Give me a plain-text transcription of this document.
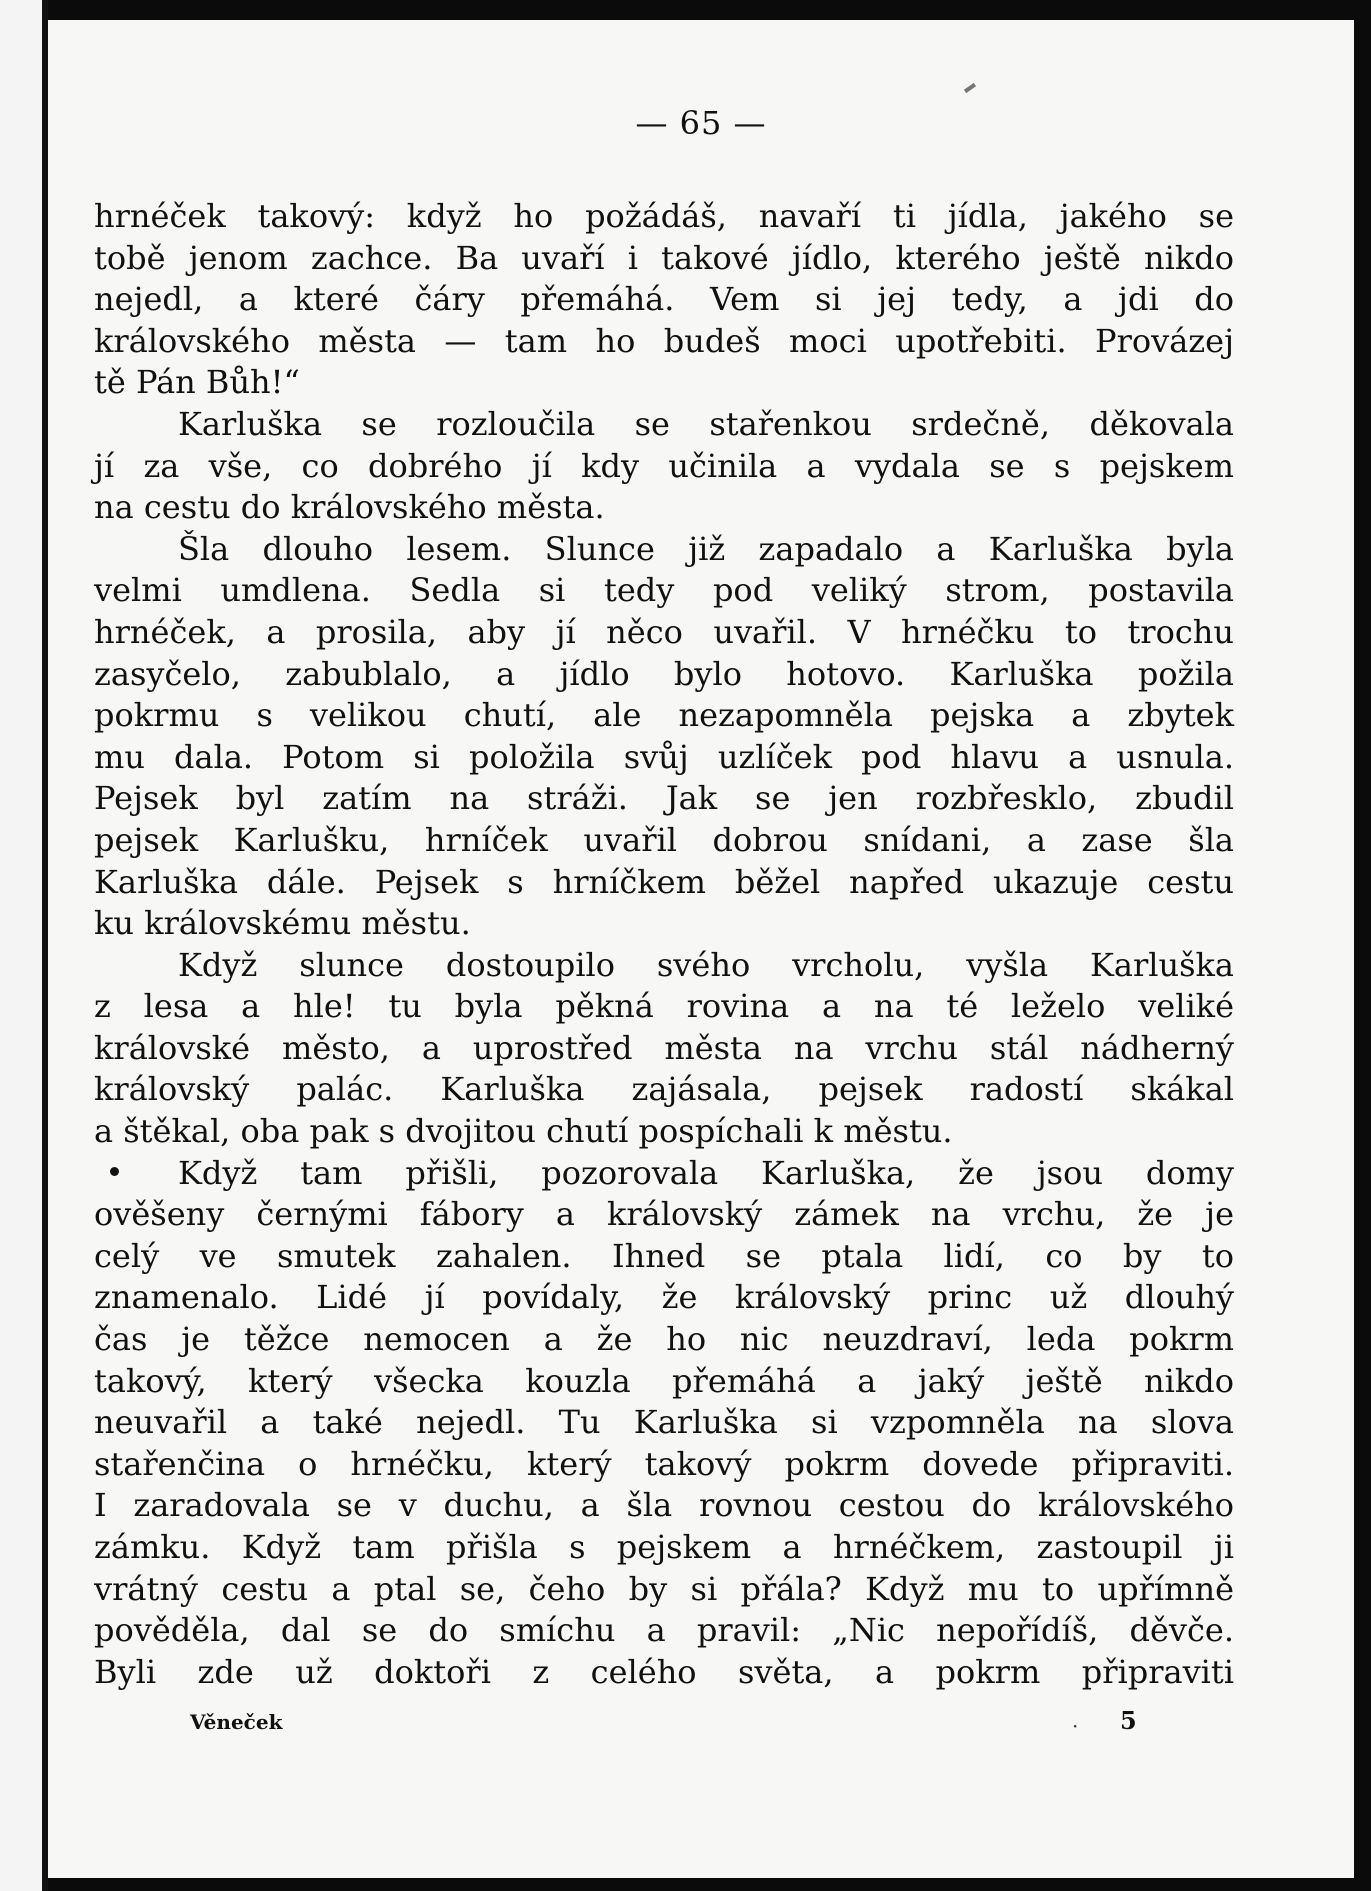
— 65 —
hrnéček takový: když ho požádáš, navaří ti jídla, jakého se
tobě jenom zachce. Ba uvaří i takové jídlo, kterého ještě nikdo
nejedl, a které čáry přemáhá. Vem si jej tedy, a jdi do
královského města — tam ho budeš moci upotřebiti. Provázej
tě Pán Bůh!“
Karluška se rozloučila se stařenkou srdečně, děkovala
jí za vše, co dobrého jí kdy učinila a vydala se s pejskem
na cestu do královského města.
Šla dlouho lesem. Slunce již zapadalo a Karluška byla
velmi umdlena. Sedla si tedy pod veliký strom, postavila
hrnéček, a prosila, aby jí něco uvařil. V hrnéčku to trochu
zasyčelo, zabublalo, a jídlo bylo hotovo. Karluška požila
pokrmu s velikou chutí, ale nezapomněla pejska a zbytek
mu dala. Potom si položila svůj uzlíček pod hlavu a usnula.
Pejsek byl zatím na stráži. Jak se jen rozbřesklo, zbudil
pejsek Karlušku, hrníček uvařil dobrou snídani, a zase šla
Karluška dále. Pejsek s hrníčkem běžel napřed ukazuje cestu
ku královskému městu.
Když slunce dostoupilo svého vrcholu, vyšla Karluška
z lesa a hle! tu byla pěkná rovina a na té leželo veliké
královské město, a uprostřed města na vrchu stál nádherný
královský palác. Karluška zajásala, pejsek radostí skákal
a štěkal, oba pak s dvojitou chutí pospíchali k městu.
Když tam přišli, pozorovala Karluška, že jsou domy
ověšeny černými fábory a královský zámek na vrchu, že je
celý ve smutek zahalen. Ihned se ptala lidí, co by to
znamenalo. Lidé jí povídaly, že královský princ už dlouhý
čas je těžce nemocen a že ho nic neuzdraví, leda pokrm
takový, který všecka kouzla přemáhá a jaký ještě nikdo
neuvařil a také nejedl. Tu Karluška si vzpomněla na slova
stařenčina o hrnéčku, který takový pokrm dovede připraviti.
I zaradovala se v duchu, a šla rovnou cestou do královského
zámku. Když tam přišla s pejskem a hrnéčkem, zastoupil ji
vrátný cestu a ptal se, čeho by si přála? Když mu to upřímně
pověděla, dal se do smíchu a pravil: „Nic nepořídíš, děvče.
Byli zde už doktoři z celého světa, a pokrm připraviti
Věneček	· 5
